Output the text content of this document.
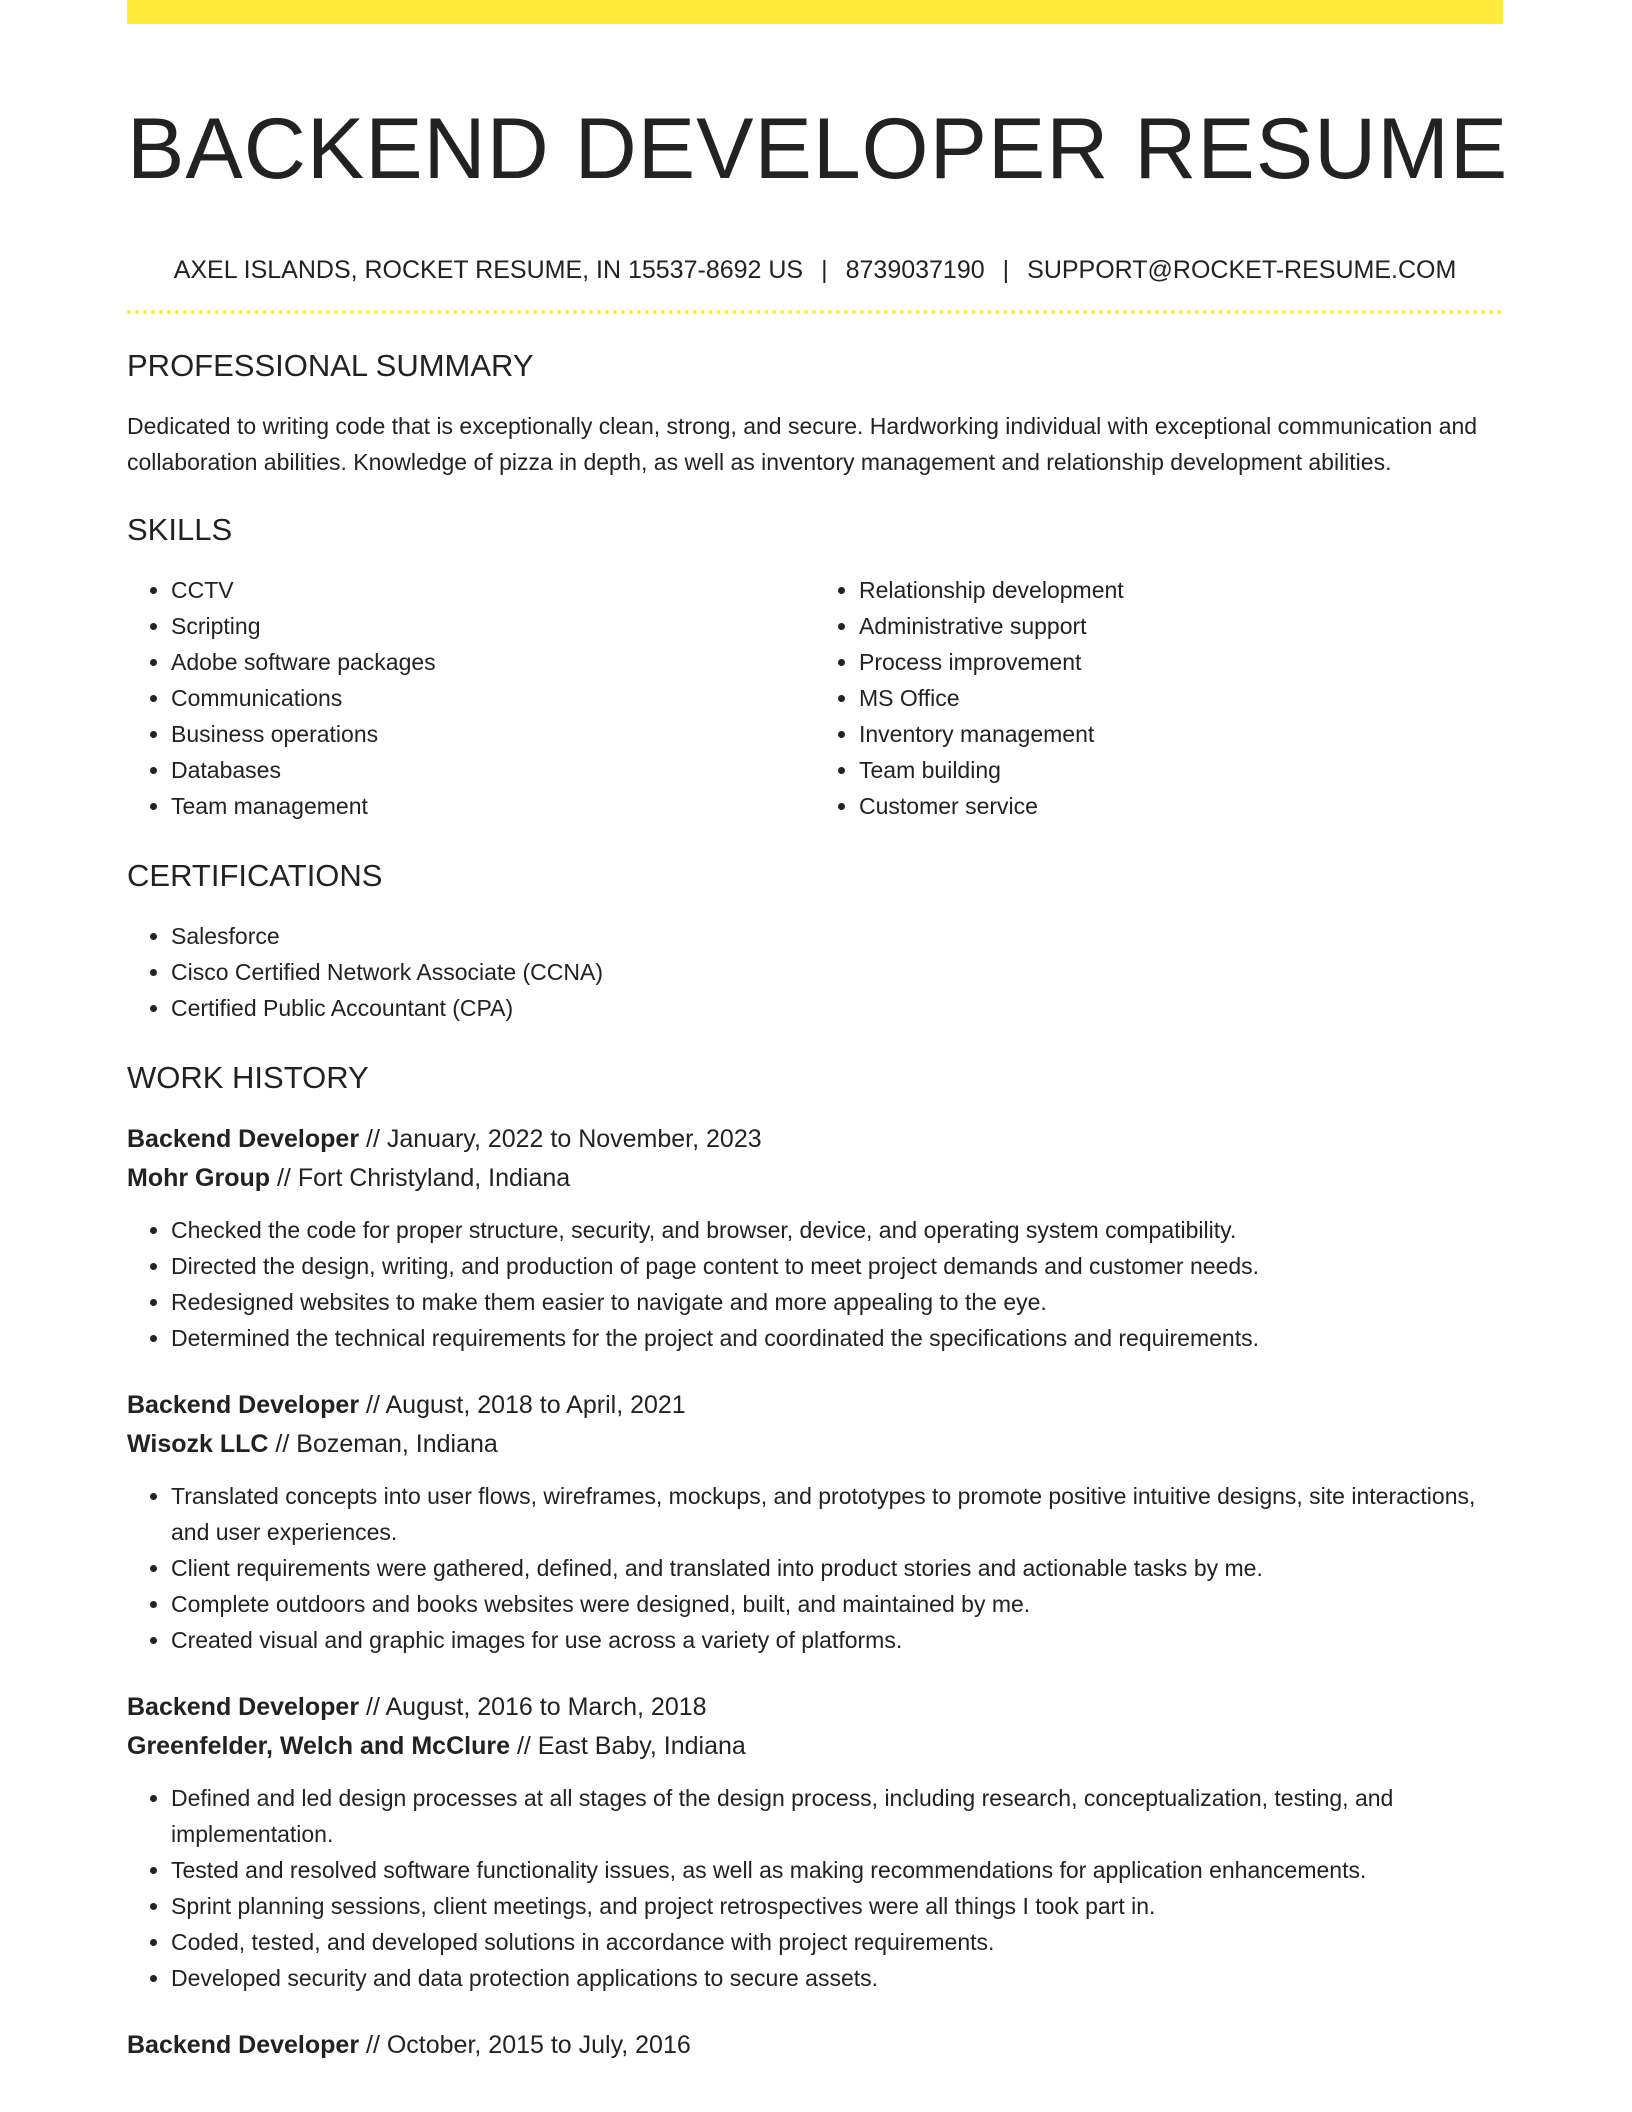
BACKEND DEVELOPER RESUME
AXEL ISLANDS, ROCKET RESUME, IN 15537-8692 US | 8739037190 | SUPPORT@ROCKET-RESUME.COM
PROFESSIONAL SUMMARY

Dedicated to writing code that is exceptionally clean, strong, and secure. Hardworking individual with exceptional communication and collaboration abilities. Knowledge of pizza in depth, as well as inventory management and relationship development abilities.

SKILLS
• CCTV
• Scripting
• Adobe software packages
• Communications
• Business operations
• Databases
• Team management
• Relationship development
• Administrative support
• Process improvement
• MS Office
• Inventory management
• Team building
• Customer service
CERTIFICATIONS
• Salesforce
• Cisco Certified Network Associate (CCNA)
• Certified Public Accountant (CPA)
WORK HISTORY
Backend Developer // January, 2022 to November, 2023
Mohr Group // Fort Christyland, Indiana
• Checked the code for proper structure, security, and browser, device, and operating system compatibility.
• Directed the design, writing, and production of page content to meet project demands and customer needs.
• Redesigned websites to make them easier to navigate and more appealing to the eye.
• Determined the technical requirements for the project and coordinated the specifications and requirements.
Backend Developer // August, 2018 to April, 2021
Wisozk LLC // Bozeman, Indiana
• Translated concepts into user flows, wireframes, mockups, and prototypes to promote positive intuitive designs, site interactions, and user experiences.
• Client requirements were gathered, defined, and translated into product stories and actionable tasks by me.
• Complete outdoors and books websites were designed, built, and maintained by me.
• Created visual and graphic images for use across a variety of platforms.
Backend Developer // August, 2016 to March, 2018
Greenfelder, Welch and McClure // East Baby, Indiana
• Defined and led design processes at all stages of the design process, including research, conceptualization, testing, and implementation.
• Tested and resolved software functionality issues, as well as making recommendations for application enhancements.
• Sprint planning sessions, client meetings, and project retrospectives were all things I took part in.
• Coded, tested, and developed solutions in accordance with project requirements.
• Developed security and data protection applications to secure assets.
Backend Developer // October, 2015 to July, 2016
